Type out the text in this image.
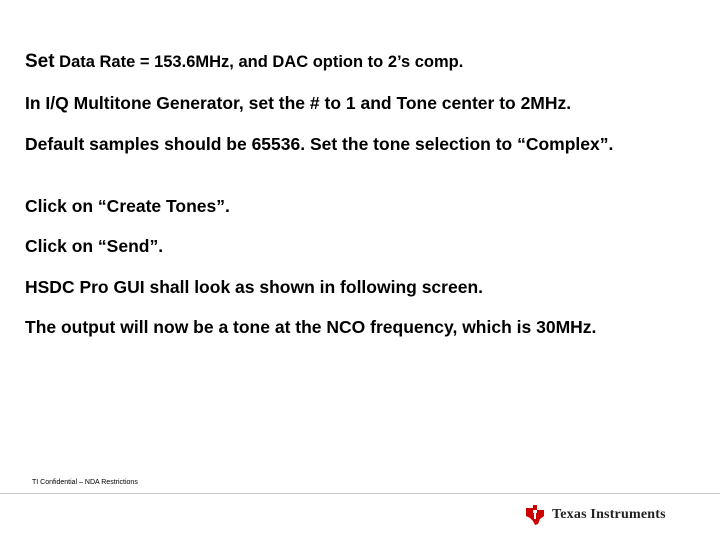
Set Data Rate = 153.6MHz, and DAC option to 2’s comp.

In I/Q Multitone Generator, set the # to 1 and Tone center to 2MHz.

Default samples should be 65536. Set the tone selection to “Complex”.

Click on “Create Tones”.

Click on “Send”.

HSDC Pro GUI shall look as shown in following screen.

The output will now be a tone at the NCO frequency, which is 30MHz.

TI Confidential – NDA Restrictions
Texas Instruments
